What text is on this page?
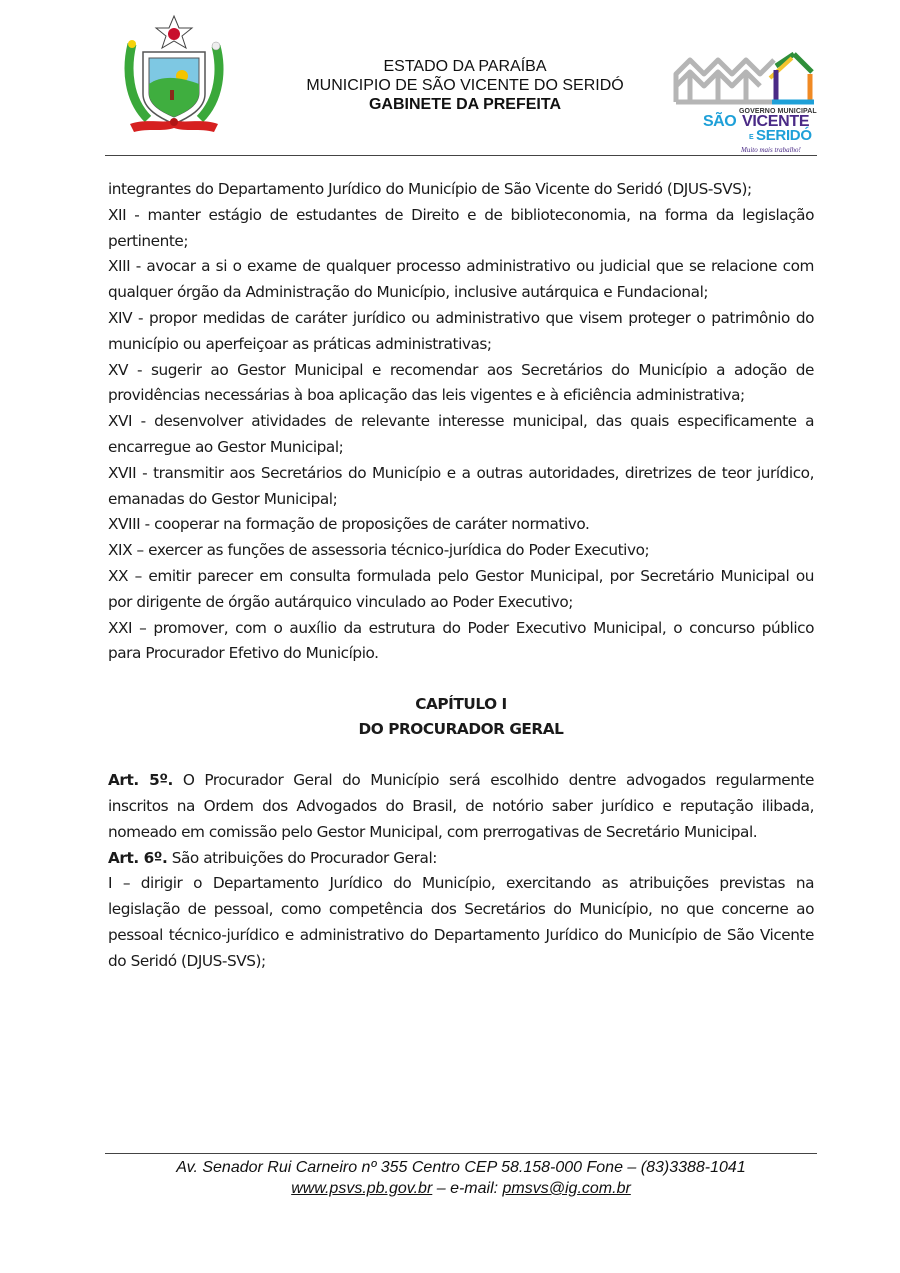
ESTADO DA PARAÍBA
MUNICIPIO DE SÃO VICENTE DO SERIDÓ
GABINETE DA PREFEITA	GOVERNO MUNICIPAL
SÃO VICENTE
E SERIDÓ
Muito mais trabalho!

integrantes do Departamento Jurídico do Município de São Vicente do Seridó (DJUS-SVS);

XII - manter estágio de estudantes de Direito e de biblioteconomia, na forma da legislação pertinente;

XIII - avocar a si o exame de qualquer processo administrativo ou judicial que se relacione com qualquer órgão da Administração do Município, inclusive autárquica e Fundacional;

XIV - propor medidas de caráter jurídico ou administrativo que visem proteger o patrimônio do município ou aperfeiçoar as práticas administrativas;

XV - sugerir ao Gestor Municipal e recomendar aos Secretários do Município a adoção de providências necessárias à boa aplicação das leis vigentes e à eficiência administrativa;

XVI - desenvolver atividades de relevante interesse municipal, das quais especificamente a encarregue ao Gestor Municipal;

XVII - transmitir aos Secretários do Município e a outras autoridades, diretrizes de teor jurídico, emanadas do Gestor Municipal;

XVIII - cooperar na formação de proposições de caráter normativo.

XIX – exercer as funções de assessoria técnico-jurídica do Poder Executivo;

XX – emitir parecer em consulta formulada pelo Gestor Municipal, por Secretário Municipal ou por dirigente de órgão autárquico vinculado ao Poder Executivo;

XXI – promover, com o auxílio da estrutura do Poder Executivo Municipal, o concurso público para Procurador Efetivo do Município.

CAPÍTULO I
DO PROCURADOR GERAL

Art. 5º. O Procurador Geral do Município será escolhido dentre advogados regularmente inscritos na Ordem dos Advogados do Brasil, de notório saber jurídico e reputação ilibada, nomeado em comissão pelo Gestor Municipal, com prerrogativas de Secretário Municipal.

Art. 6º. São atribuições do Procurador Geral:

I – dirigir o Departamento Jurídico do Município, exercitando as atribuições previstas na legislação de pessoal, como competência dos Secretários do Município, no que concerne ao pessoal técnico-jurídico e administrativo do Departamento Jurídico do Município de São Vicente do Seridó (DJUS-SVS);

Av. Senador Rui Carneiro nº 355 Centro CEP 58.158-000 Fone – (83)3388-1041
www.psvs.pb.gov.br – e-mail: pmsvs@ig.com.br
